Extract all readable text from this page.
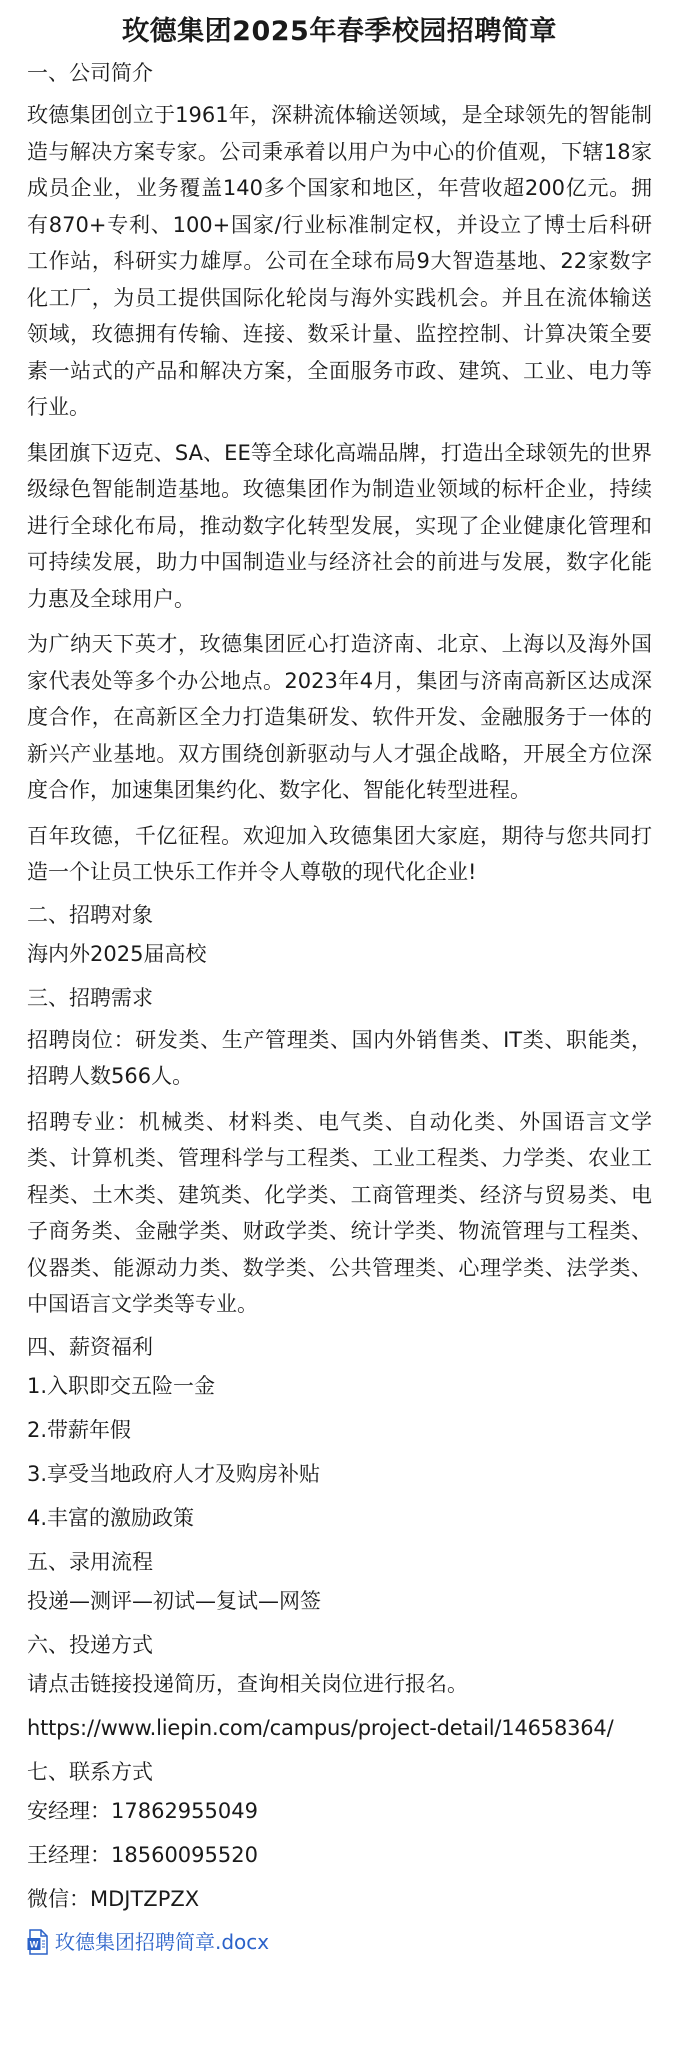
玫德集团2025年春季校园招聘简章
一、公司简介
玫德集团创立于1961年，深耕流体输送领域，是全球领先的智能制造与解决方案专家。公司秉承着以用户为中心的价值观，下辖18家成员企业，业务覆盖140多个国家和地区，年营收超200亿元。拥有870+专利、100+国家/行业标准制定权，并设立了博士后科研工作站，科研实力雄厚。公司在全球布局9大智造基地、22家数字化工厂，为员工提供国际化轮岗与海外实践机会。并且在流体输送领域，玫德拥有传输、连接、数采计量、监控控制、计算决策全要素一站式的产品和解决方案，全面服务市政、建筑、工业、电力等行业。
集团旗下迈克、SA、EE等全球化高端品牌，打造出全球领先的世界级绿色智能制造基地。玫德集团作为制造业领域的标杆企业，持续进行全球化布局，推动数字化转型发展，实现了企业健康化管理和可持续发展，助力中国制造业与经济社会的前进与发展，数字化能力惠及全球用户。
为广纳天下英才，玫德集团匠心打造济南、北京、上海以及海外国家代表处等多个办公地点。2023年4月，集团与济南高新区达成深度合作，在高新区全力打造集研发、软件开发、金融服务于一体的新兴产业基地。双方围绕创新驱动与人才强企战略，开展全方位深度合作，加速集团集约化、数字化、智能化转型进程。
百年玫德，千亿征程。欢迎加入玫德集团大家庭，期待与您共同打造一个让员工快乐工作并令人尊敬的现代化企业!
二、招聘对象
海内外2025届高校
三、招聘需求
招聘岗位：研发类、生产管理类、国内外销售类、IT类、职能类，招聘人数566人。
招聘专业：机械类、材料类、电气类、自动化类、外国语言文学类、计算机类、管理科学与工程类、工业工程类、力学类、农业工程类、土木类、建筑类、化学类、工商管理类、经济与贸易类、电子商务类、金融学类、财政学类、统计学类、物流管理与工程类、仪器类、能源动力类、数学类、公共管理类、心理学类、法学类、中国语言文学类等专业。
四、薪资福利
1.入职即交五险一金
2.带薪年假
3.享受当地政府人才及购房补贴
4.丰富的激励政策
五、录用流程
投递—测评—初试—复试—网签
六、投递方式
请点击链接投递简历，查询相关岗位进行报名。
https://www.liepin.com/campus/project-detail/14658364/
七、联系方式
安经理：17862955049
王经理：18560095520
微信：MDJTZPZX
W 玫德集团招聘简章.docx
